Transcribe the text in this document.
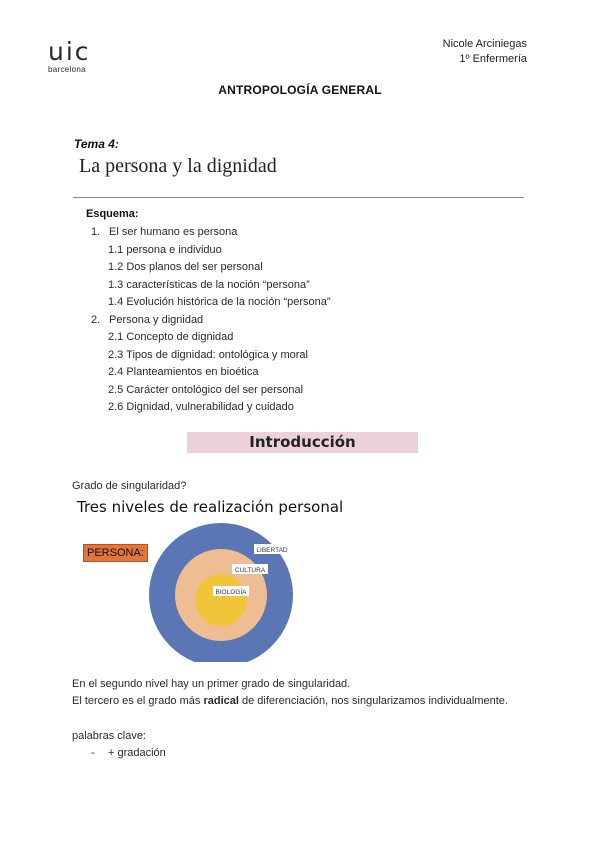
uic
barcelona
Nicole Arciniegas
1º Enfermería
ANTROPOLOGÍA GENERAL
Tema 4:
La persona y la dignidad
Esquema:
1. El ser humano es persona
1.1 persona e individuo
1.2 Dos planos del ser personal
1.3 características de la noción “persona”
1.4 Evolución histórica de la noción “persona”
2. Persona y dignidad
2.1 Concepto de dignidad
2.3 Tipos de dignidad: ontológica y moral
2.4 Planteamientos en bioética
2.5 Carácter ontológico del ser personal
2.6 Dignidad, vulnerabilidad y cuidado
Introducción
Grado de singularidad?
Tres niveles de realización personal
PERSONA:	LIBERTAD
CULTURA
BIOLOGÍA
En el segundo nivel hay un primer grado de singularidad.
El tercero es el grado más radical de diferenciación, nos singularizamos individualmente.
palabras clave:
- + gradación
